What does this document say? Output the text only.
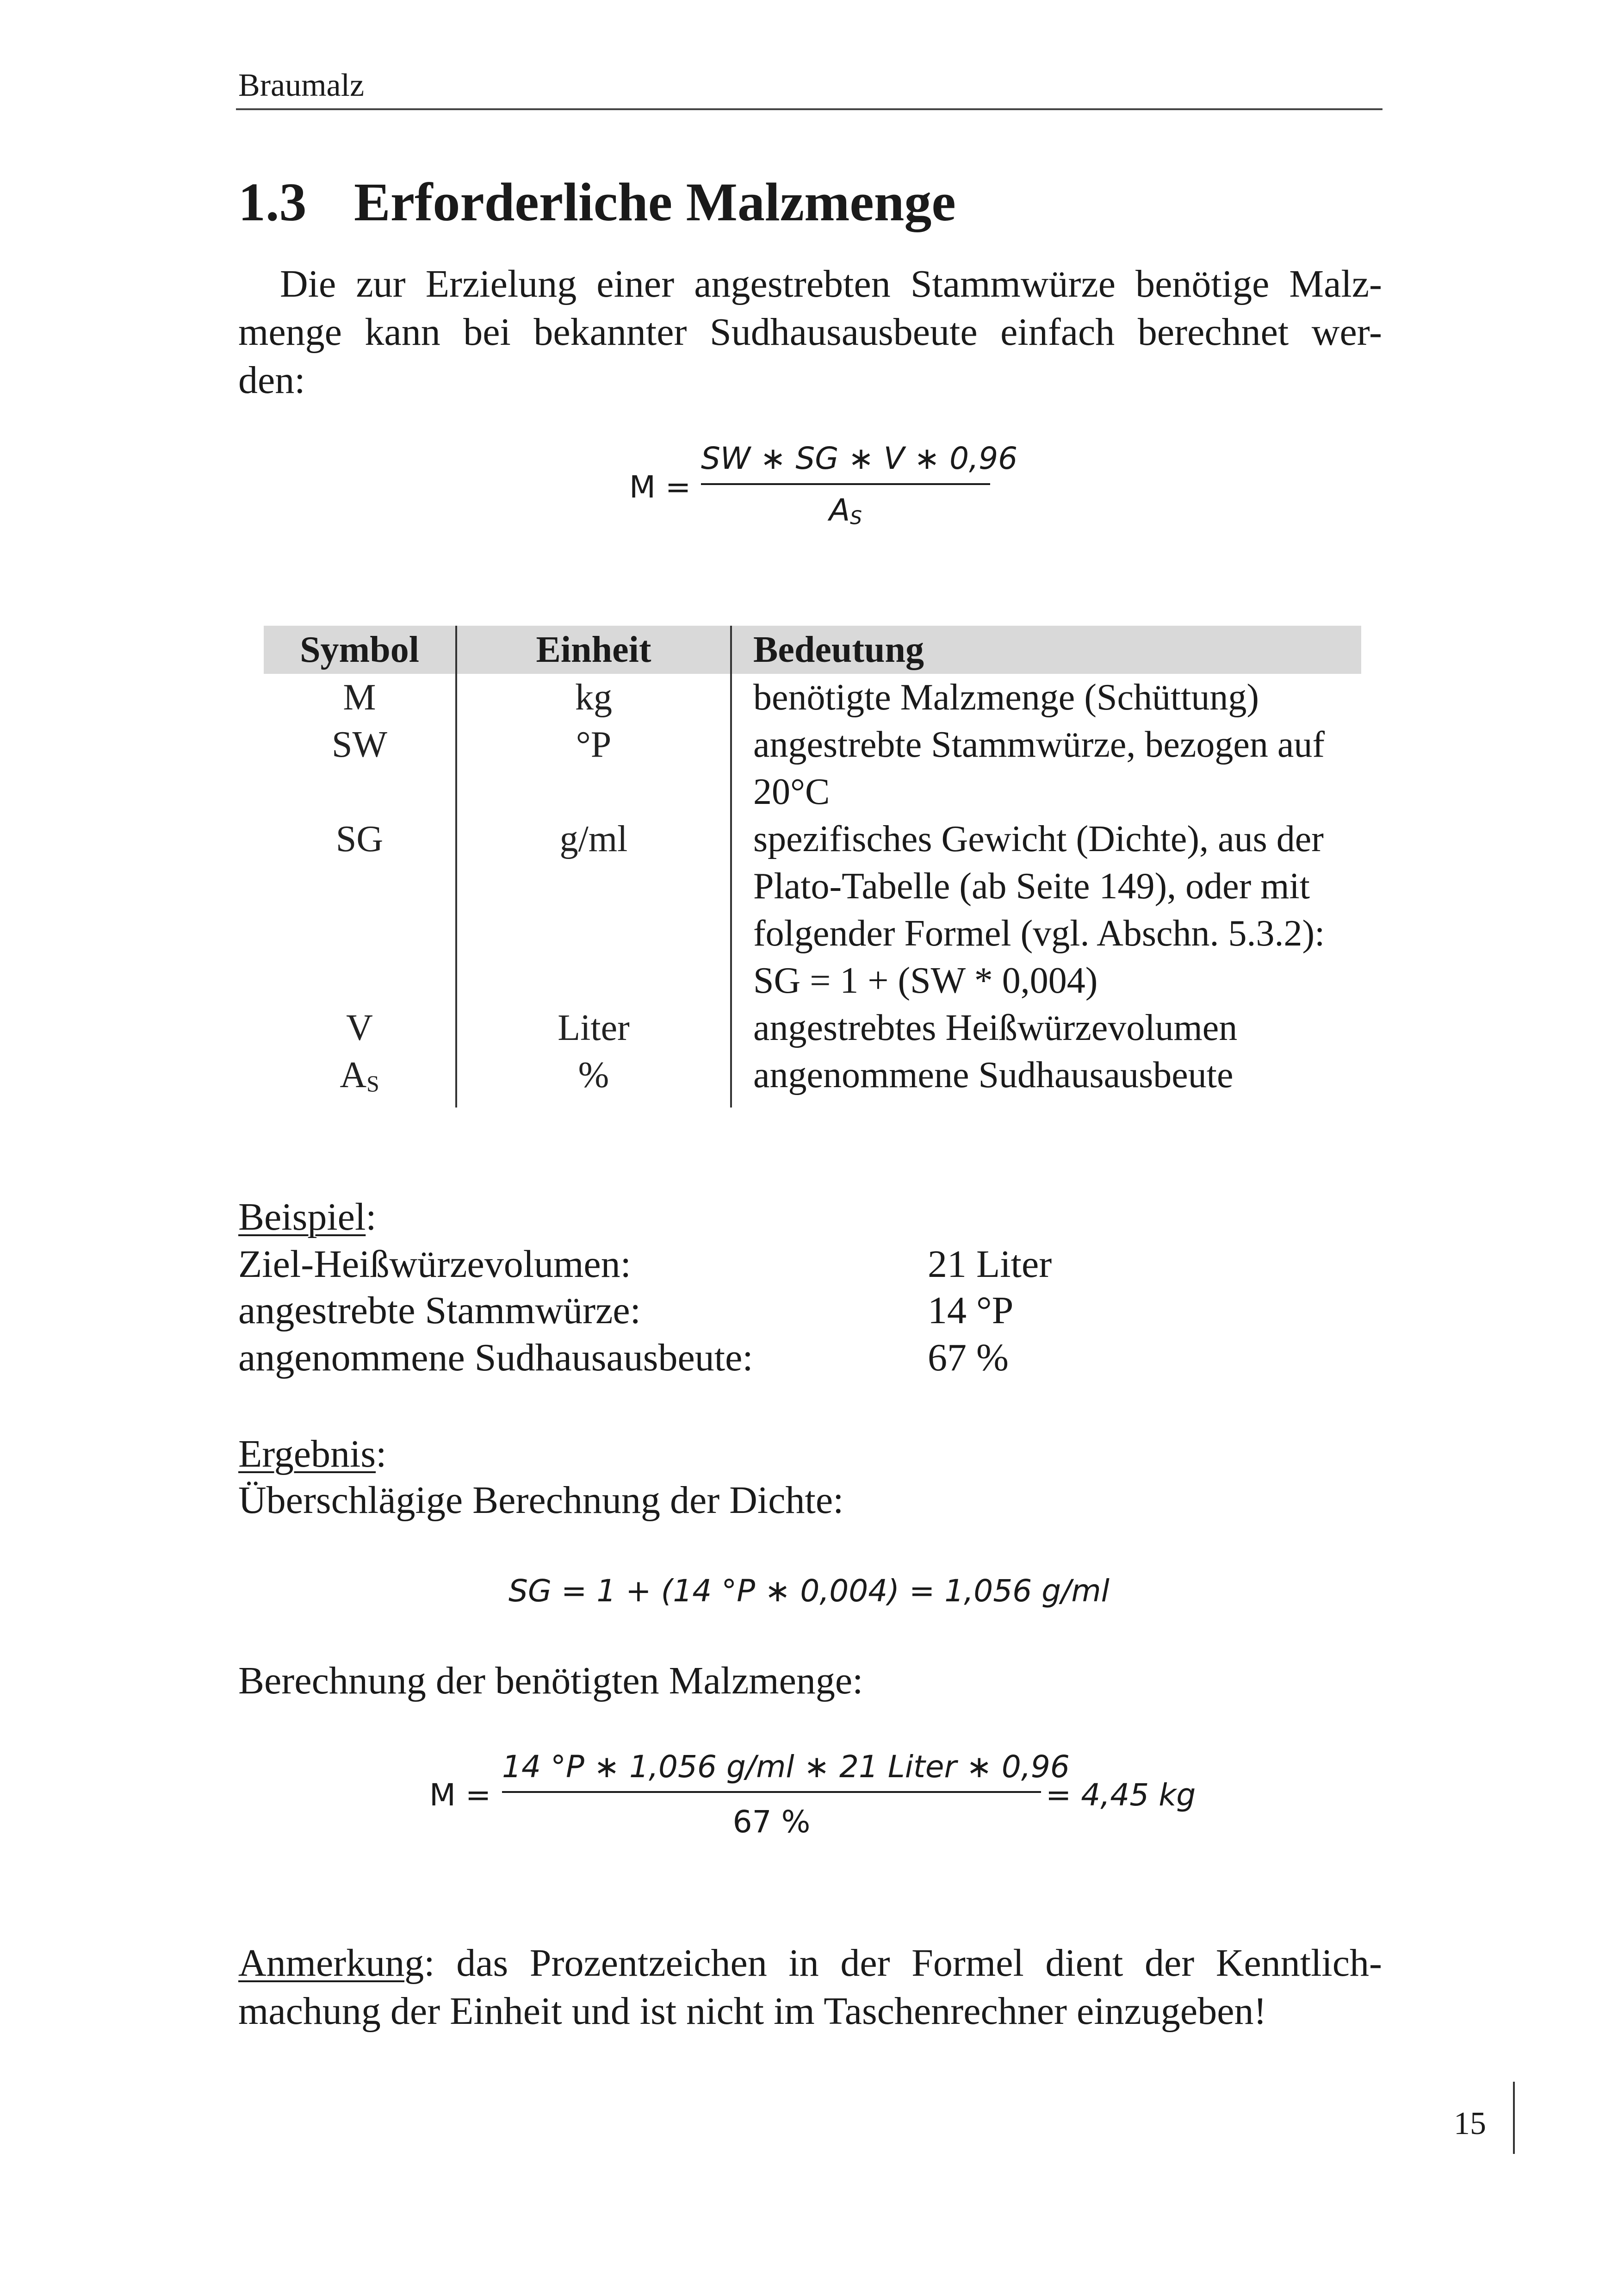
Braumalz
1.3 Erforderliche Malzmenge
Die zur Erzielung einer angestrebten Stammwürze benötige Malz-
menge kann bei bekannter Sudhausausbeute einfach berechnet wer-
den:
M =
SW ∗ SG ∗ V ∗ 0,96
AS
Symbol	Einheit	Bedeutung
M	kg	benötigte Malzmenge (Schüttung)

SW	°P	angestrebte Stammwürze, bezogen auf
20°C

SG	g/ml	spezifisches Gewicht (Dichte), aus der
Plato-Tabelle (ab Seite 149), oder mit
folgender Formel (vgl. Abschn. 5.3.2):
SG = 1 + (SW * 0,004)

V	Liter	angestrebtes Heißwürzevolumen

AS	%	angenommene Sudhausausbeute
Beispiel:
Ziel-Heißwürzevolumen:	21 Liter
angestrebte Stammwürze:	14 °P
angenommene Sudhausausbeute:	67 %
Ergebnis:
Überschlägige Berechnung der Dichte:
SG = 1 + (14 °P ∗ 0,004) = 1,056 g/ml
Berechnung der benötigten Malzmenge:
M =
14 °P ∗ 1,056 g/ml ∗ 21 Liter ∗ 0,96
67 %
= 4,45 kg
Anmerkung: das Prozentzeichen in der Formel dient der Kenntlich-
machung der Einheit und ist nicht im Taschenrechner einzugeben!
15
